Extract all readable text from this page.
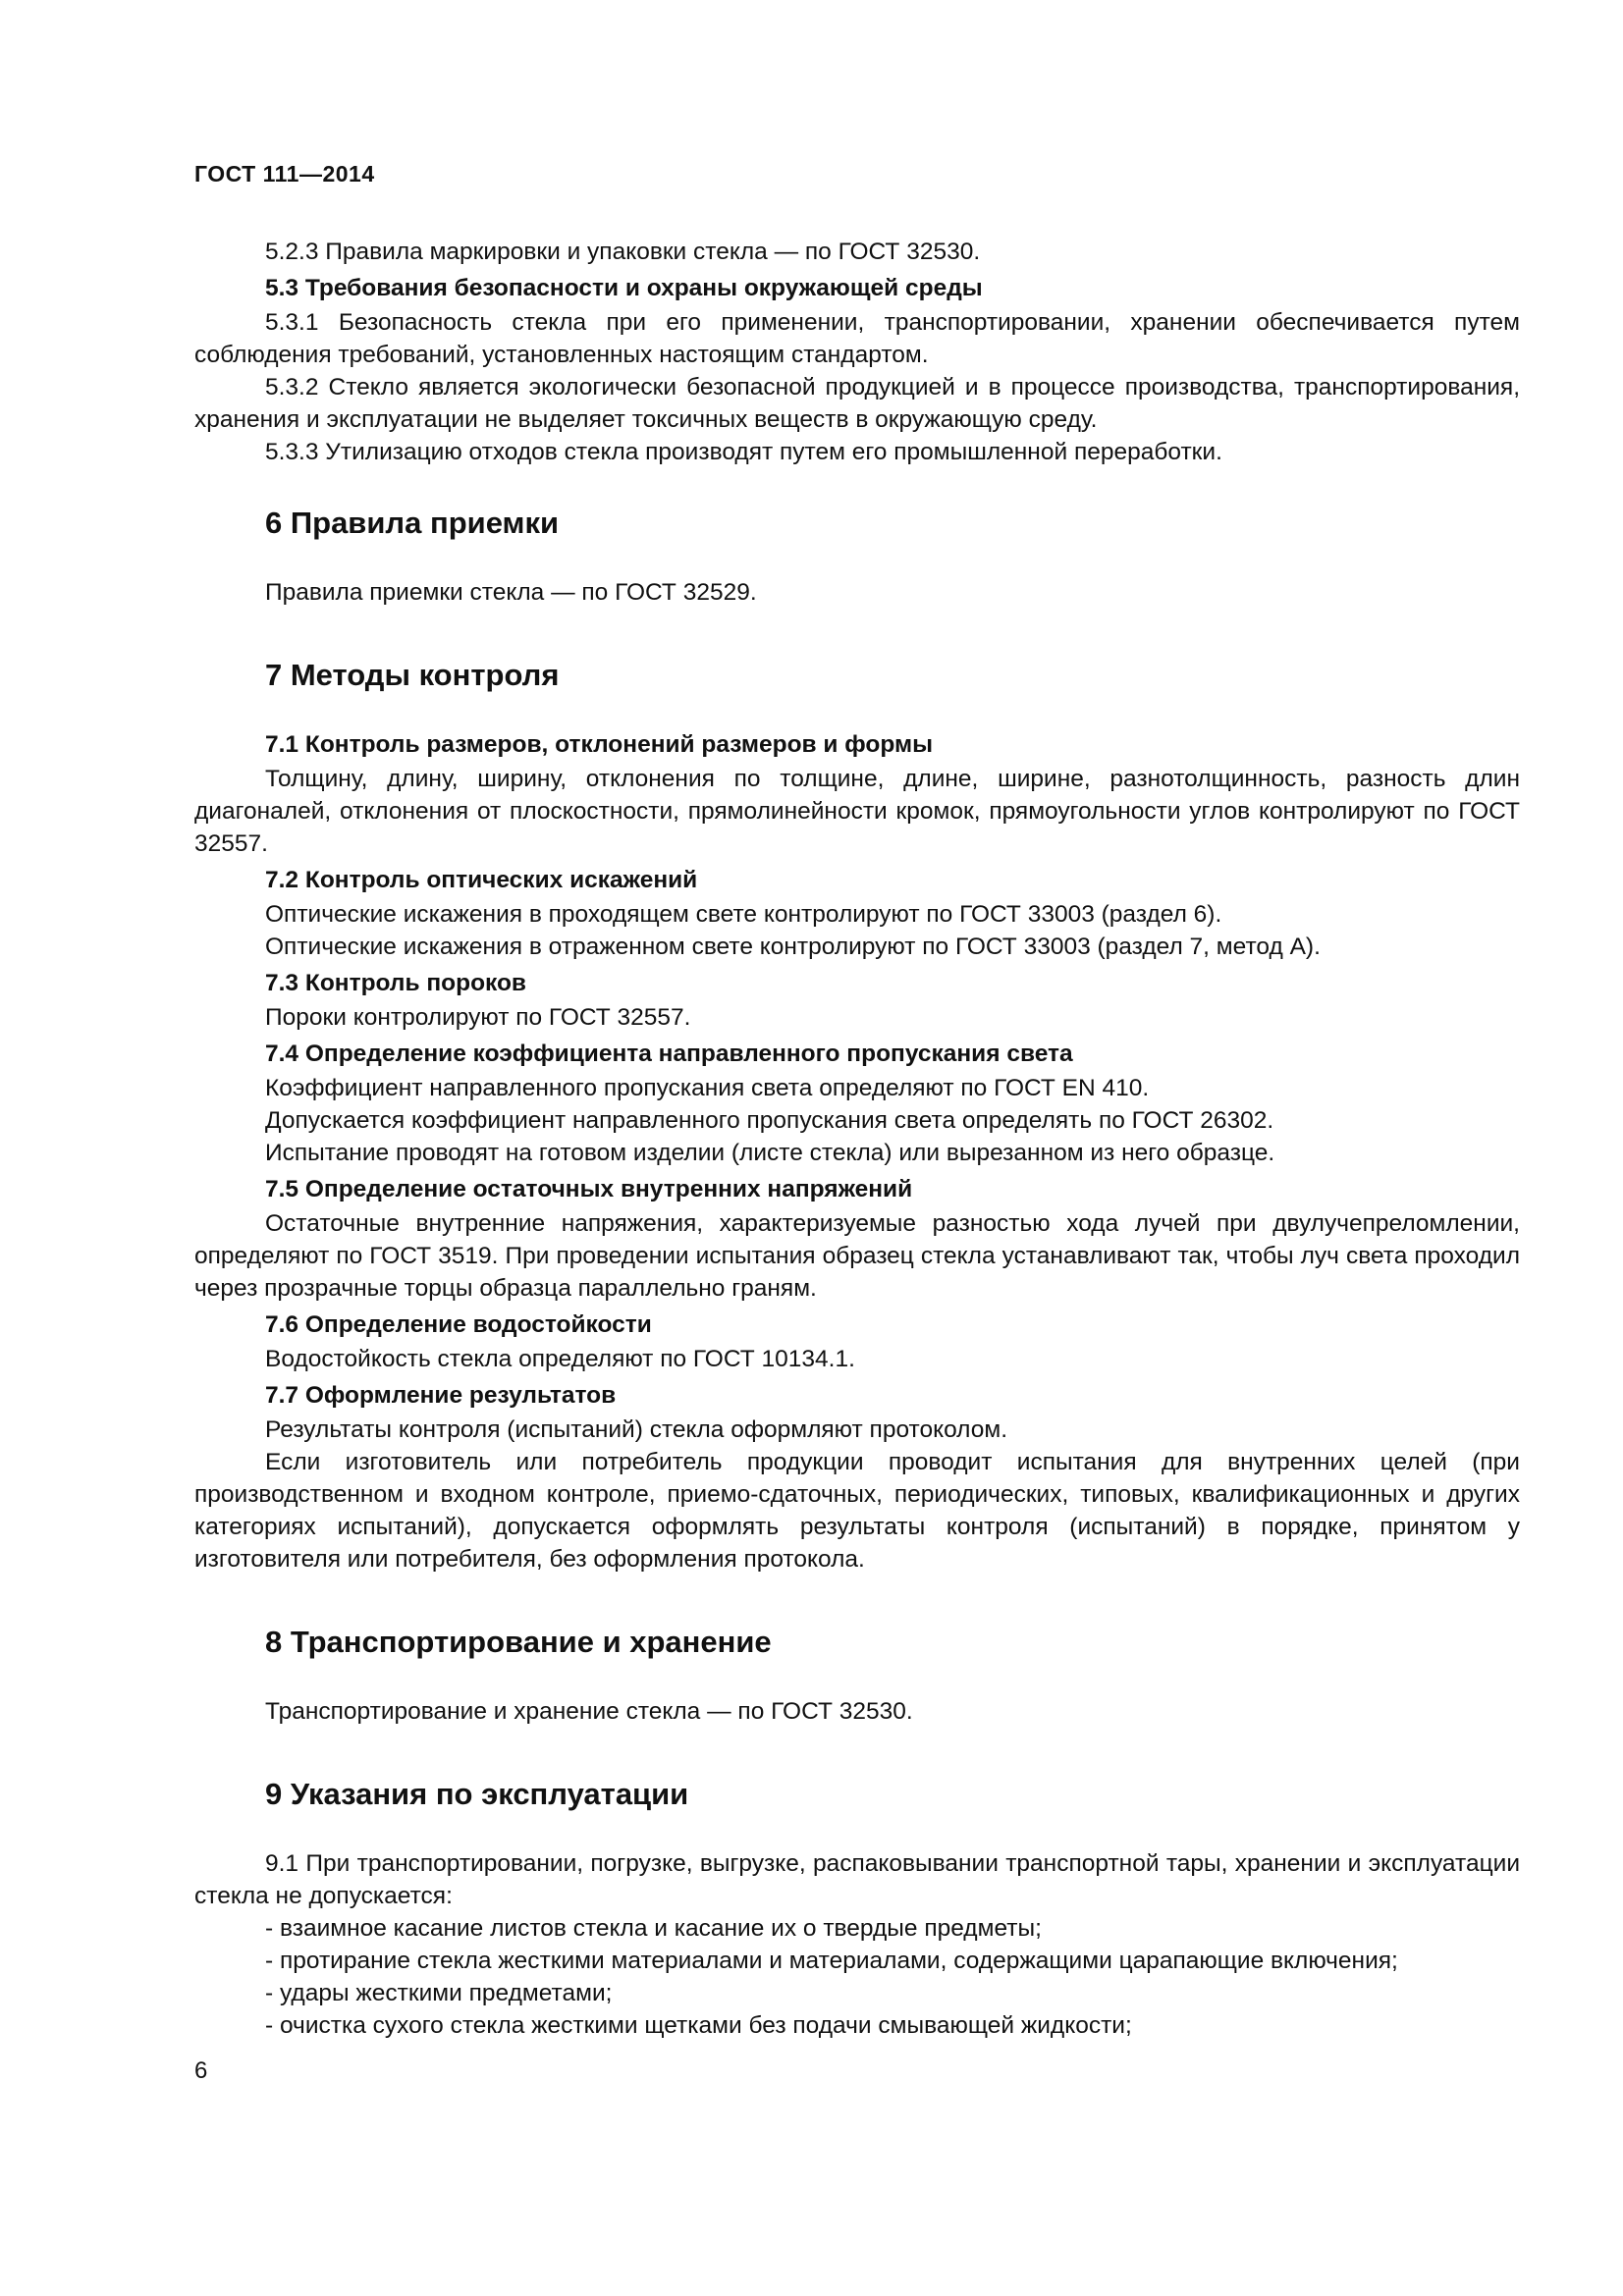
ГОСТ 111—2014

5.2.3 Правила маркировки и упаковки стекла — по ГОСТ 32530.

5.3 Требования безопасности и охраны окружающей среды

5.3.1 Безопасность стекла при его применении, транспортировании, хранении обеспечивается путем соблюдения требований, установленных настоящим стандартом.

5.3.2 Стекло является экологически безопасной продукцией и в процессе производства, транспортирования, хранения и эксплуатации не выделяет токсичных веществ в окружающую среду.

5.3.3 Утилизацию отходов стекла производят путем его промышленной переработки.

6 Правила приемки

Правила приемки стекла — по ГОСТ 32529.

7 Методы контроля
7.1 Контроль размеров, отклонений размеров и формы

Толщину, длину, ширину, отклонения по толщине, длине, ширине, разнотолщинность, разность длин диагоналей, отклонения от плоскостности, прямолинейности кромок, прямоугольности углов контролируют по ГОСТ 32557.

7.2 Контроль оптических искажений

Оптические искажения в проходящем свете контролируют по ГОСТ 33003 (раздел 6).

Оптические искажения в отраженном свете контролируют по ГОСТ 33003 (раздел 7, метод А).

7.3 Контроль пороков

Пороки контролируют по ГОСТ 32557.

7.4 Определение коэффициента направленного пропускания света

Коэффициент направленного пропускания света определяют по ГОСТ EN 410.

Допускается коэффициент направленного пропускания света определять по ГОСТ 26302.

Испытание проводят на готовом изделии (листе стекла) или вырезанном из него образце.

7.5 Определение остаточных внутренних напряжений

Остаточные внутренние напряжения, характеризуемые разностью хода лучей при двулучепреломлении, определяют по ГОСТ 3519. При проведении испытания образец стекла устанавливают так, чтобы луч света проходил через прозрачные торцы образца параллельно граням.

7.6 Определение водостойкости

Водостойкость стекла определяют по ГОСТ 10134.1.

7.7 Оформление результатов

Результаты контроля (испытаний) стекла оформляют протоколом.

Если изготовитель или потребитель продукции проводит испытания для внутренних целей (при производственном и входном контроле, приемо-сдаточных, периодических, типовых, квалификационных и других категориях испытаний), допускается оформлять результаты контроля (испытаний) в порядке, принятом у изготовителя или потребителя, без оформления протокола.

8 Транспортирование и хранение

Транспортирование и хранение стекла — по ГОСТ 32530.

9 Указания по эксплуатации

9.1 При транспортировании, погрузке, выгрузке, распаковывании транспортной тары, хранении и эксплуатации стекла не допускается:

- взаимное касание листов стекла и касание их о твердые предметы;

- протирание стекла жесткими материалами и материалами, содержащими царапающие включения;

- удары жесткими предметами;

- очистка сухого стекла жесткими щетками без подачи смывающей жидкости;

6
